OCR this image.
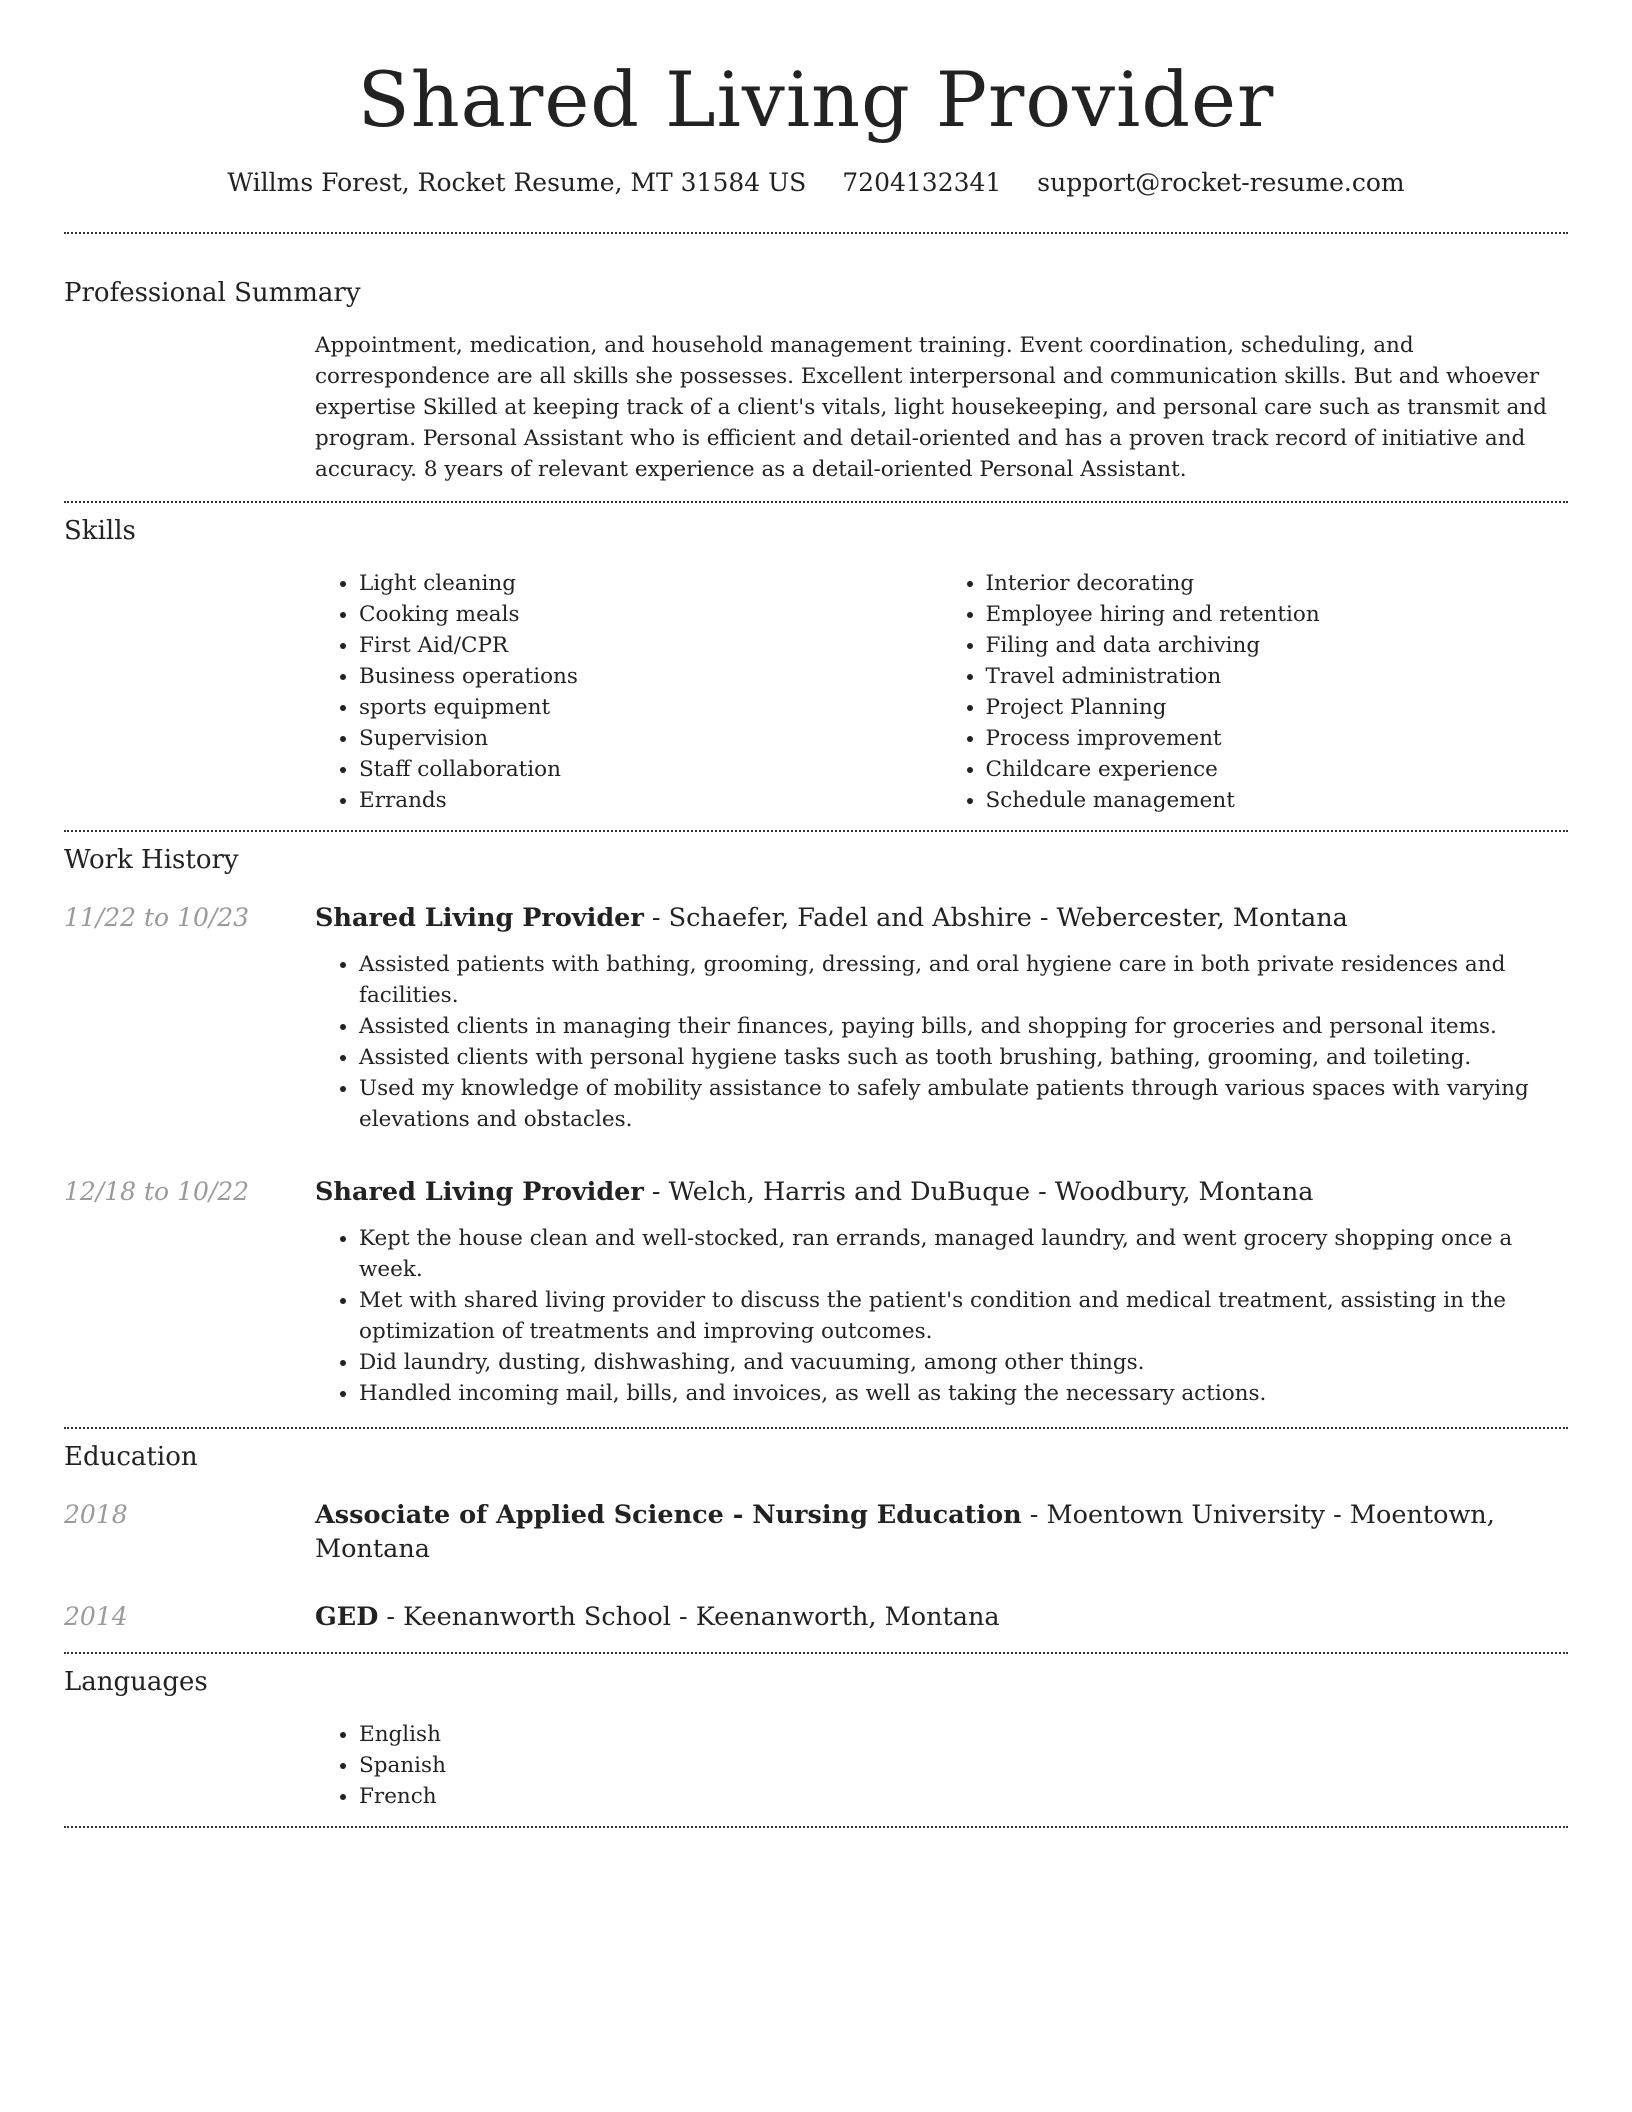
Shared Living Provider
Willms Forest, Rocket Resume, MT 31584 US 7204132341 support@rocket-resume.com
Professional Summary

Appointment, medication, and household management training. Event coordination, scheduling, and correspondence are all skills she possesses. Excellent interpersonal and communication skills. But and whoever expertise Skilled at keeping track of a client's vitals, light housekeeping, and personal care such as transmit and program. Personal Assistant who is efficient and detail-oriented and has a proven track record of initiative and accuracy. 8 years of relevant experience as a detail-oriented Personal Assistant.

Skills
• Light cleaning
• Cooking meals
• First Aid/CPR
• Business operations
• sports equipment
• Supervision
• Staff collaboration
• Errands
• Interior decorating
• Employee hiring and retention
• Filing and data archiving
• Travel administration
• Project Planning
• Process improvement
• Childcare experience
• Schedule management
Work History
11/22 to 10/23	Shared Living Provider - Schaefer, Fadel and Abshire - Webercester, Montana
• Assisted patients with bathing, grooming, dressing, and oral hygiene care in both private residences and facilities.
• Assisted clients in managing their finances, paying bills, and shopping for groceries and personal items.
• Assisted clients with personal hygiene tasks such as tooth brushing, bathing, grooming, and toileting.
• Used my knowledge of mobility assistance to safely ambulate patients through various spaces with varying elevations and obstacles.
12/18 to 10/22	Shared Living Provider - Welch, Harris and DuBuque - Woodbury, Montana
• Kept the house clean and well-stocked, ran errands, managed laundry, and went grocery shopping once a week.
• Met with shared living provider to discuss the patient's condition and medical treatment, assisting in the optimization of treatments and improving outcomes.
• Did laundry, dusting, dishwashing, and vacuuming, among other things.
• Handled incoming mail, bills, and invoices, as well as taking the necessary actions.
Education
2018	Associate of Applied Science - Nursing Education - Moentown University - Moentown, Montana
2014	GED - Keenanworth School - Keenanworth, Montana
Languages
• English
• Spanish
• French
